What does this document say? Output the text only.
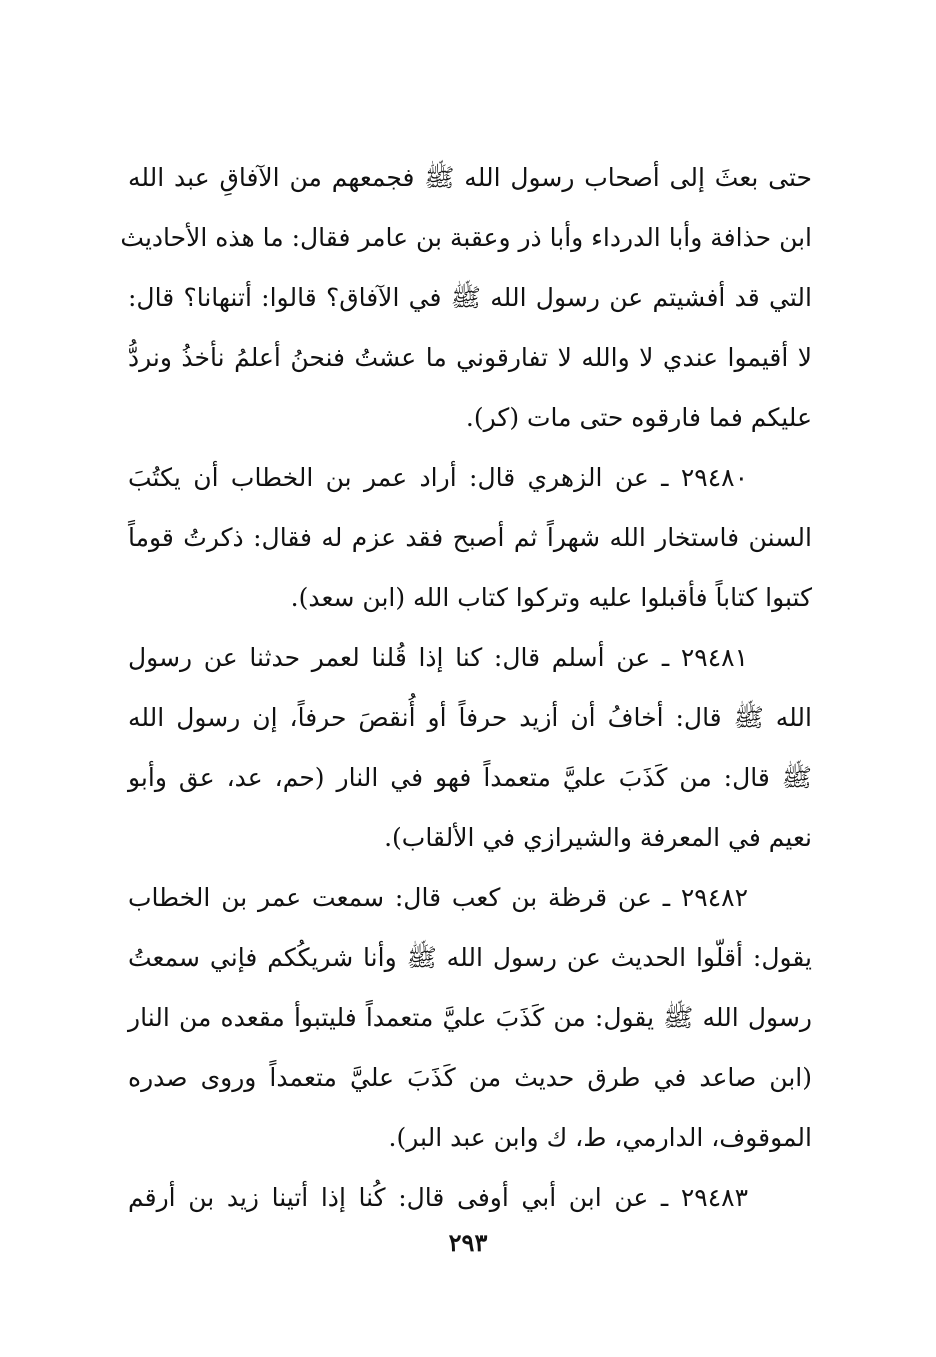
حتى بعثَ إلى أصحاب رسول الله ﷺ فجمعهم من الآفاقِ عبد الله
ابن حذافة وأبا الدرداء وأبا ذر وعقبة بن عامر فقال: ما هذه الأحاديث
التي قد أفشيتم عن رسول الله ﷺ في الآفاق؟ قالوا: أتنهانا؟ قال:
لا أقيموا عندي لا والله لا تفارقوني ما عشتُ فنحنُ أعلمُ نأخذُ ونردُّ
عليكم فما فارقوه حتى مات (كر).
٢٩٤٨٠ ـ عن الزهري قال: أراد عمر بن الخطاب أن يكتُبَ
السنن فاستخار الله شهراً ثم أصبح فقد عزم له فقال: ذكرتُ قوماً
كتبوا كتاباً فأقبلوا عليه وتركوا كتاب الله (ابن سعد).
٢٩٤٨١ ـ عن أسلم قال: كنا إذا قُلنا لعمر حدثنا عن رسول
الله ﷺ قال: أخافُ أن أزيد حرفاً أو أُنقصَ حرفاً، إن رسول الله
ﷺ قال: من كَذَبَ عليَّ متعمداً فهو في النار (حم، عد، عق وأبو
نعيم في المعرفة والشيرازي في الألقاب).
٢٩٤٨٢ ـ عن قرظة بن كعب قال: سمعت عمر بن الخطاب
يقول: أقلّوا الحديث عن رسول الله ﷺ وأنا شريكُكم فإني سمعتُ
رسول الله ﷺ يقول: من كَذَبَ عليَّ متعمداً فليتبوأ مقعده من النار
(ابن صاعد في طرق حديث من كَذَبَ عليَّ متعمداً وروى صدره
الموقوف، الدارمي، ط، ك وابن عبد البر).
٢٩٤٨٣ ـ عن ابن أبي أوفى قال: كُنا إذا أتينا زيد بن أرقم
٢٩٣
